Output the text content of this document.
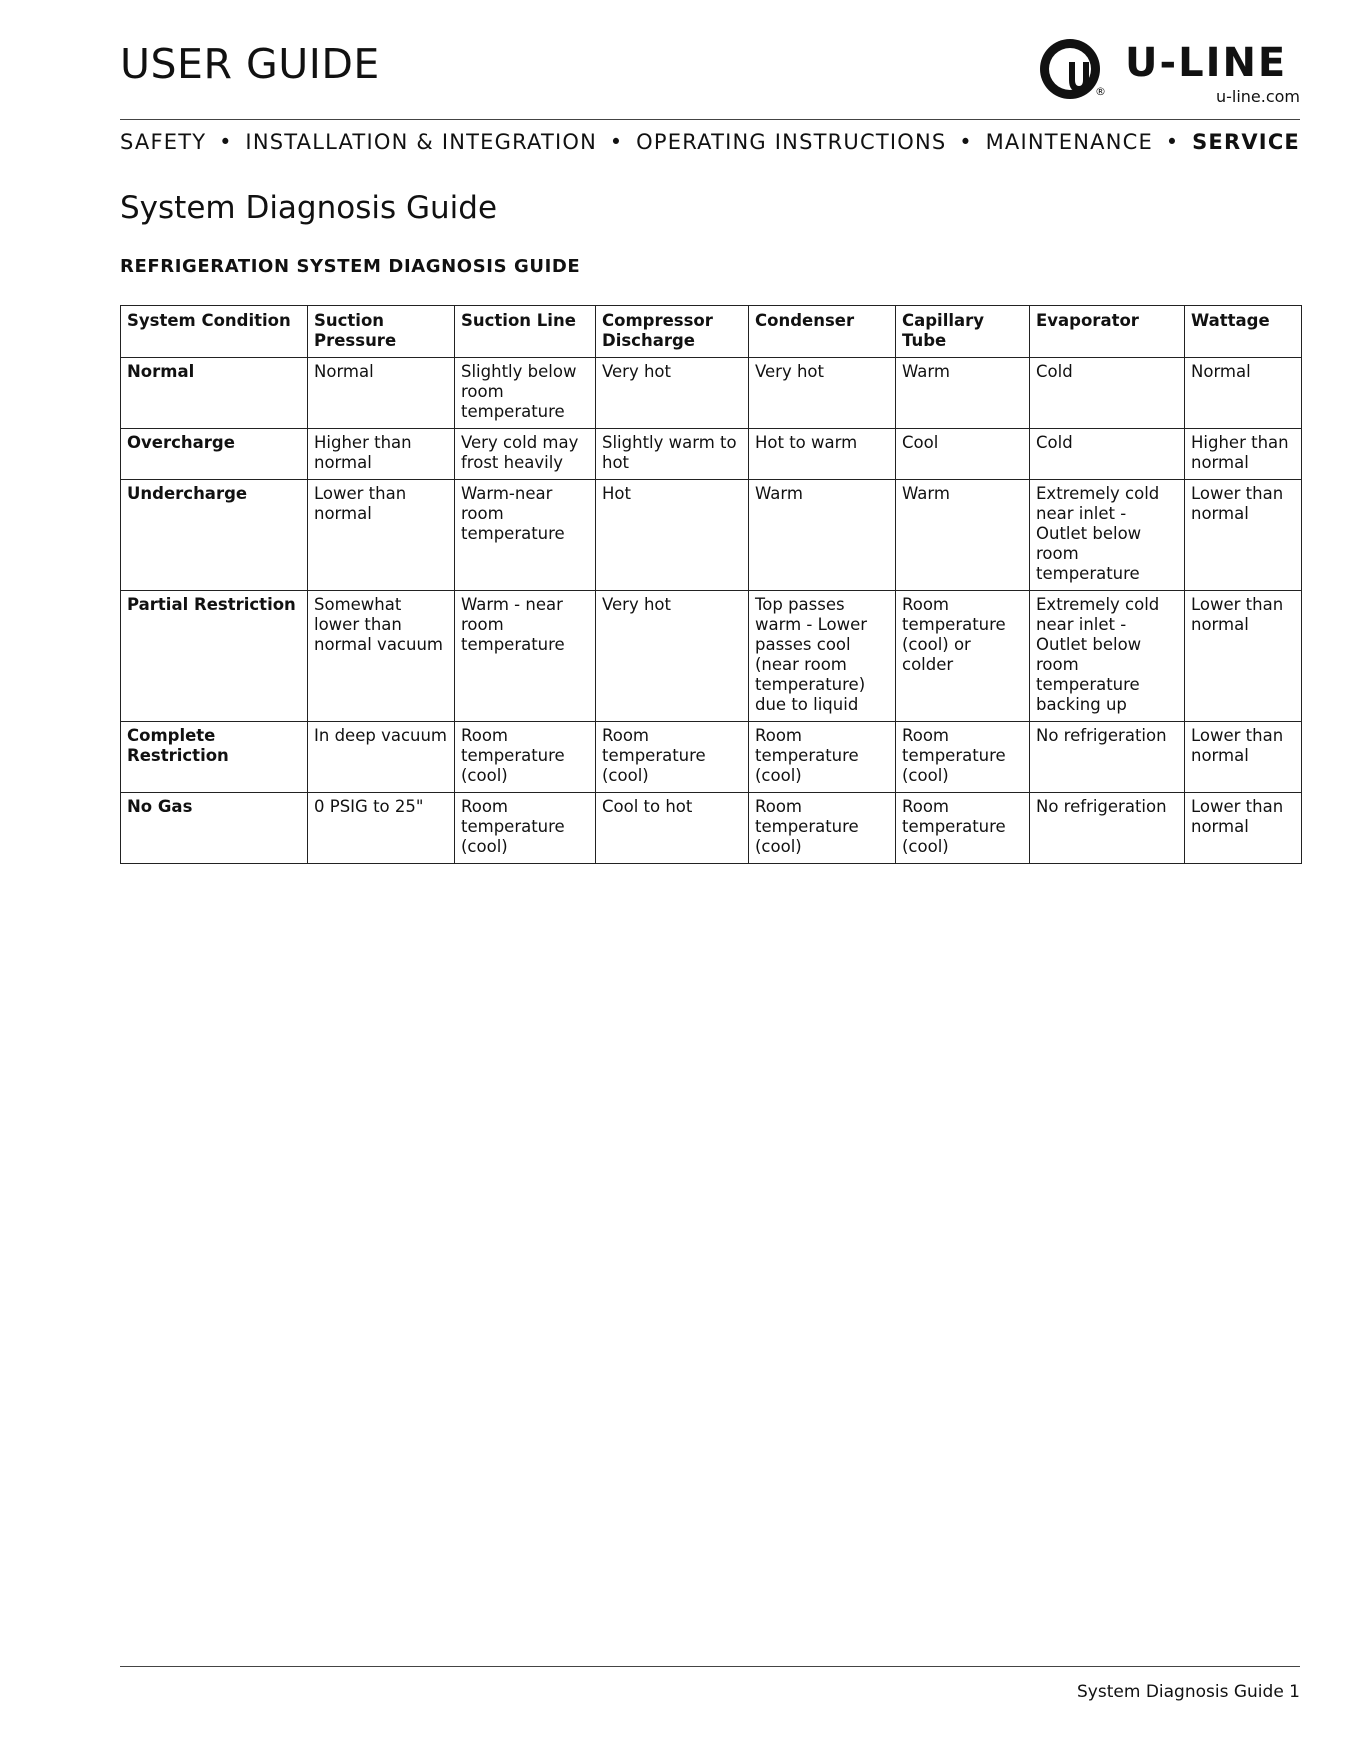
USER GUIDE
®
U-LINE
u-line.com
SAFETY • INSTALLATION & INTEGRATION • OPERATING INSTRUCTIONS • MAINTENANCE • SERVICE
System Diagnosis Guide
REFRIGERATION SYSTEM DIAGNOSIS GUIDE
System Condition	Suction Pressure	Suction Line	Compressor Discharge	Condenser	Capillary Tube	Evaporator	Wattage
Normal	Normal	Slightly below room temperature	Very hot	Very hot	Warm	Cold	Normal
Overcharge	Higher than normal	Very cold may frost heavily	Slightly warm to hot	Hot to warm	Cool	Cold	Higher than normal
Undercharge	Lower than normal	Warm-near room temperature	Hot	Warm	Warm	Extremely cold near inlet - Outlet below room temperature	Lower than normal
Partial Restriction	Somewhat lower than normal vacuum	Warm - near room temperature	Very hot	Top passes warm - Lower passes cool (near room temperature) due to liquid	Room temperature (cool) or colder	Extremely cold near inlet - Outlet below room temperature backing up	Lower than normal
Complete Restriction	In deep vacuum	Room temperature (cool)	Room temperature (cool)	Room temperature (cool)	Room temperature (cool)	No refrigeration	Lower than normal
No Gas	0 PSIG to 25"	Room temperature (cool)	Cool to hot	Room temperature (cool)	Room temperature (cool)	No refrigeration	Lower than normal
System Diagnosis Guide 1
